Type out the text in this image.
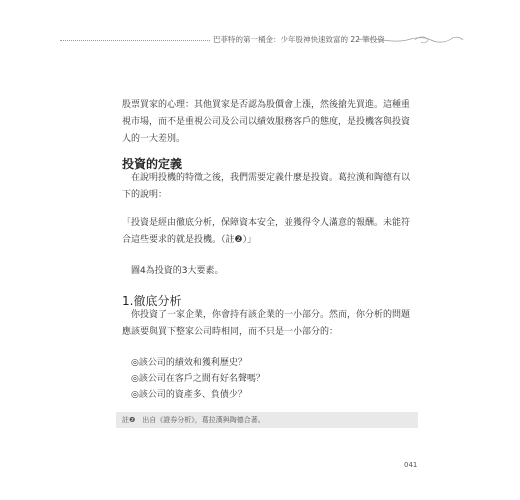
巴菲特的第一桶金：少年股神快速致富的 22 筆投資
股票買家的心理：其他買家是否認為股價會上漲，然後搶先買進。這種重視市場，而不是重視公司及公司以績效服務客戶的態度，是投機客與投資人的一大差別。
投資的定義
在說明投機的特徵之後，我們需要定義什麼是投資。葛拉漢和陶德有以下的說明：
「投資是經由徹底分析，保障資本安全，並獲得令人滿意的報酬。未能符合這些要求的就是投機。（註❷）」
圖4為投資的3大要素。
1.徹底分析
你投資了一家企業，你會持有該企業的一小部分。然而，你分析的問題應該要與買下整家公司時相同，而不只是一小部分的：
◎該公司的績效和獲利歷史？
◎該公司在客戶之間有好名聲嗎？
◎該公司的資產多、負債少？
註❷　出自《證券分析》，葛拉漢與陶德合著。
041
